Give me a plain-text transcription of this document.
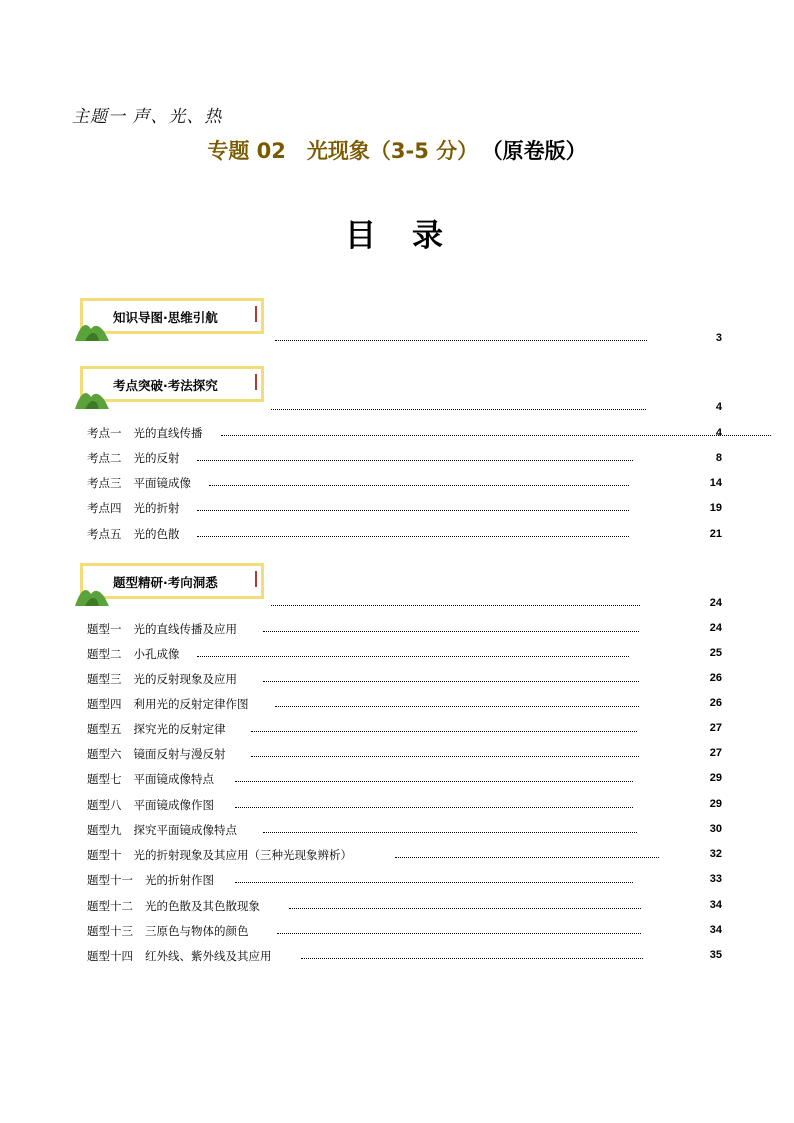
主题一 声、光、热
专题 02　光现象（3-5 分） （原卷版）
目录
知识导图·思维引航
3
考点突破·考法探究
4
考点一 光的直线传播	4
考点二 光的反射	8
考点三 平面镜成像	14
考点四 光的折射	19
考点五 光的色散	21
题型精研·考向洞悉
24
题型一 光的直线传播及应用	24
题型二 小孔成像	25
题型三 光的反射现象及应用	26
题型四 利用光的反射定律作图	26
题型五 探究光的反射定律	27
题型六 镜面反射与漫反射	27
题型七 平面镜成像特点	29
题型八 平面镜成像作图	29
题型九 探究平面镜成像特点	30
题型十 光的折射现象及其应用（三种光现象辨析）	32
题型十一 光的折射作图	33
题型十二 光的色散及其色散现象	34
题型十三 三原色与物体的颜色	34
题型十四 红外线、紫外线及其应用	35
